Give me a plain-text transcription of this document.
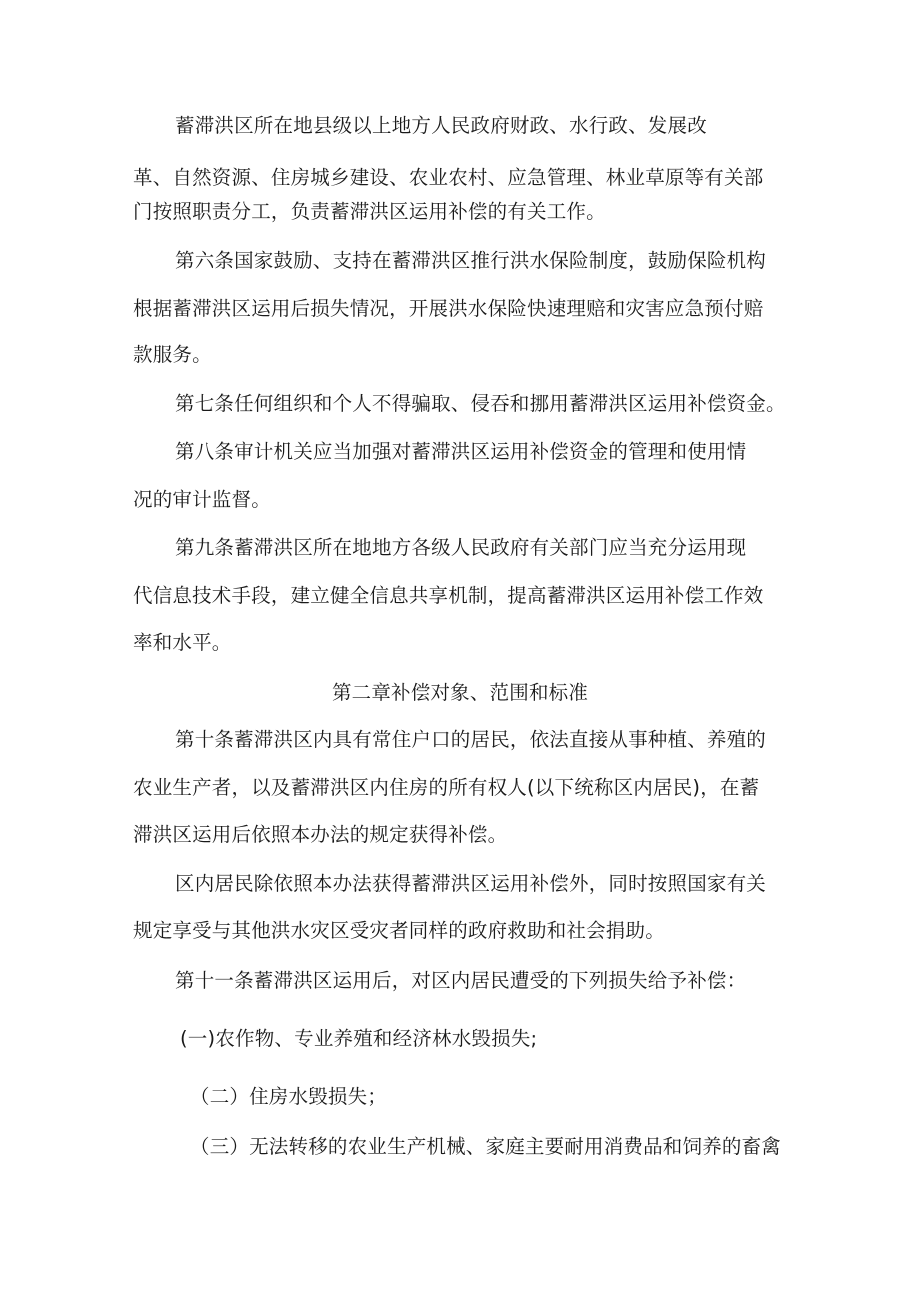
蓄滞洪区所在地县级以上地方人民政府财政、水行政、发展改
革、自然资源、住房城乡建设、农业农村、应急管理、林业草原等有关部
门按照职责分工，负责蓄滞洪区运用补偿的有关工作。
第六条国家鼓励、支持在蓄滞洪区推行洪水保险制度，鼓励保险机构
根据蓄滞洪区运用后损失情况，开展洪水保险快速理赔和灾害应急预付赔
款服务。
第七条任何组织和个人不得骗取、侵吞和挪用蓄滞洪区运用补偿资金。
第八条审计机关应当加强对蓄滞洪区运用补偿资金的管理和使用情
况的审计监督。
第九条蓄滞洪区所在地地方各级人民政府有关部门应当充分运用现
代信息技术手段，建立健全信息共享机制，提高蓄滞洪区运用补偿工作效
率和水平。
第二章补偿对象、范围和标准
第十条蓄滞洪区内具有常住户口的居民，依法直接从事种植、养殖的
农业生产者，以及蓄滞洪区内住房的所有权人(以下统称区内居民)，在蓄
滞洪区运用后依照本办法的规定获得补偿。
区内居民除依照本办法获得蓄滞洪区运用补偿外，同时按照国家有关
规定享受与其他洪水灾区受灾者同样的政府救助和社会捐助。
第十一条蓄滞洪区运用后，对区内居民遭受的下列损失给予补偿：
(一)农作物、专业养殖和经济林水毁损失;
（二）住房水毁损失；
（三）无法转移的农业生产机械、家庭主要耐用消费品和饲养的畜禽
